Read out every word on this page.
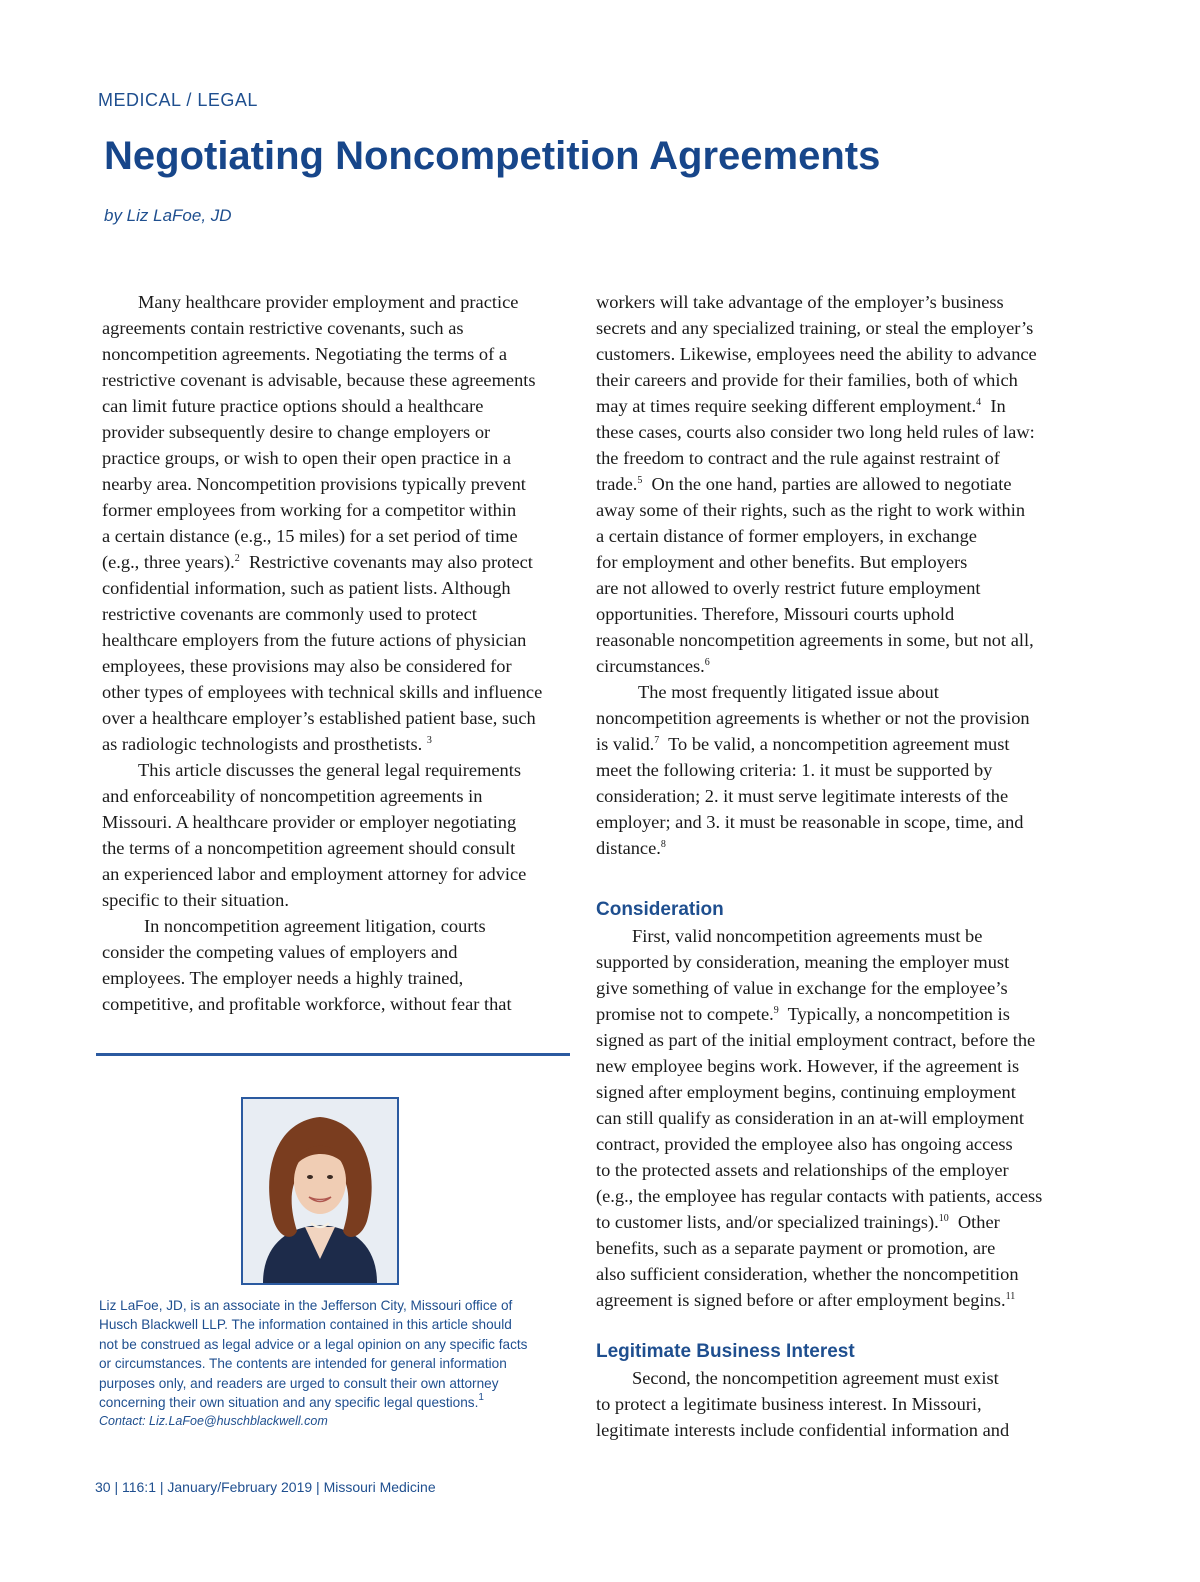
MEDICAL / LEGAL
Negotiating Noncompetition Agreements
by Liz LaFoe, JD

Many healthcare provider employment and practice
agreements contain restrictive covenants, such as
noncompetition agreements. Negotiating the terms of a
restrictive covenant is advisable, because these agreements
can limit future practice options should a healthcare
provider subsequently desire to change employers or
practice groups, or wish to open their open practice in a
nearby area. Noncompetition provisions typically prevent
former employees from working for a competitor within
a certain distance (e.g., 15 miles) for a set period of time
(e.g., three years).$^2$  Restrictive covenants may also protect
confidential information, such as patient lists. Although
restrictive covenants are commonly used to protect
healthcare employers from the future actions of physician
employees, these provisions may also be considered for
other types of employees with technical skills and influence
over a healthcare employer’s established patient base, such
as radiologic technologists and prosthetists. $^3$

This article discusses the general legal requirements
and enforceability of noncompetition agreements in
Missouri. A healthcare provider or employer negotiating
the terms of a noncompetition agreement should consult
an experienced labor and employment attorney for advice
specific to their situation.

In noncompetition agreement litigation, courts
consider the competing values of employers and
employees. The employer needs a highly trained,
competitive, and profitable workforce, without fear that

Liz LaFoe, JD, is an associate in the Jefferson City, Missouri office of
Husch Blackwell LLP. The information contained in this article should
not be construed as legal advice or a legal opinion on any specific facts
or circumstances. The contents are intended for general information
purposes only, and readers are urged to consult their own attorney
concerning their own situation and any specific legal questions.$^1$
Contact: Liz.LaFoe@huschblackwell.com

workers will take advantage of the employer’s business
secrets and any specialized training, or steal the employer’s
customers. Likewise, employees need the ability to advance
their careers and provide for their families, both of which
may at times require seeking different employment.$^4$  In
these cases, courts also consider two long held rules of law:
the freedom to contract and the rule against restraint of
trade.$^5$  On the one hand, parties are allowed to negotiate
away some of their rights, such as the right to work within
a certain distance of former employers, in exchange
for employment and other benefits. But employers
are not allowed to overly restrict future employment
opportunities. Therefore, Missouri courts uphold
reasonable noncompetition agreements in some, but not all,
circumstances.$^6$

The most frequently litigated issue about
noncompetition agreements is whether or not the provision
is valid.$^7$  To be valid, a noncompetition agreement must
meet the following criteria: 1. it must be supported by
consideration; 2. it must serve legitimate interests of the
employer; and 3. it must be reasonable in scope, time, and
distance.$^8$

Consideration

First, valid noncompetition agreements must be
supported by consideration, meaning the employer must
give something of value in exchange for the employee’s
promise not to compete.$^9$  Typically, a noncompetition is
signed as part of the initial employment contract, before the
new employee begins work. However, if the agreement is
signed after employment begins, continuing employment
can still qualify as consideration in an at-will employment
contract, provided the employee also has ongoing access
to the protected assets and relationships of the employer
(e.g., the employee has regular contacts with patients, access
to customer lists, and/or specialized trainings).$^{10}$  Other
benefits, such as a separate payment or promotion, are
also sufficient consideration, whether the noncompetition
agreement is signed before or after employment begins.$^{11}$

Legitimate Business Interest

Second, the noncompetition agreement must exist
to protect a legitimate business interest. In Missouri,
legitimate interests include confidential information and

30 | 116:1 | January/February 2019 | Missouri Medicine
